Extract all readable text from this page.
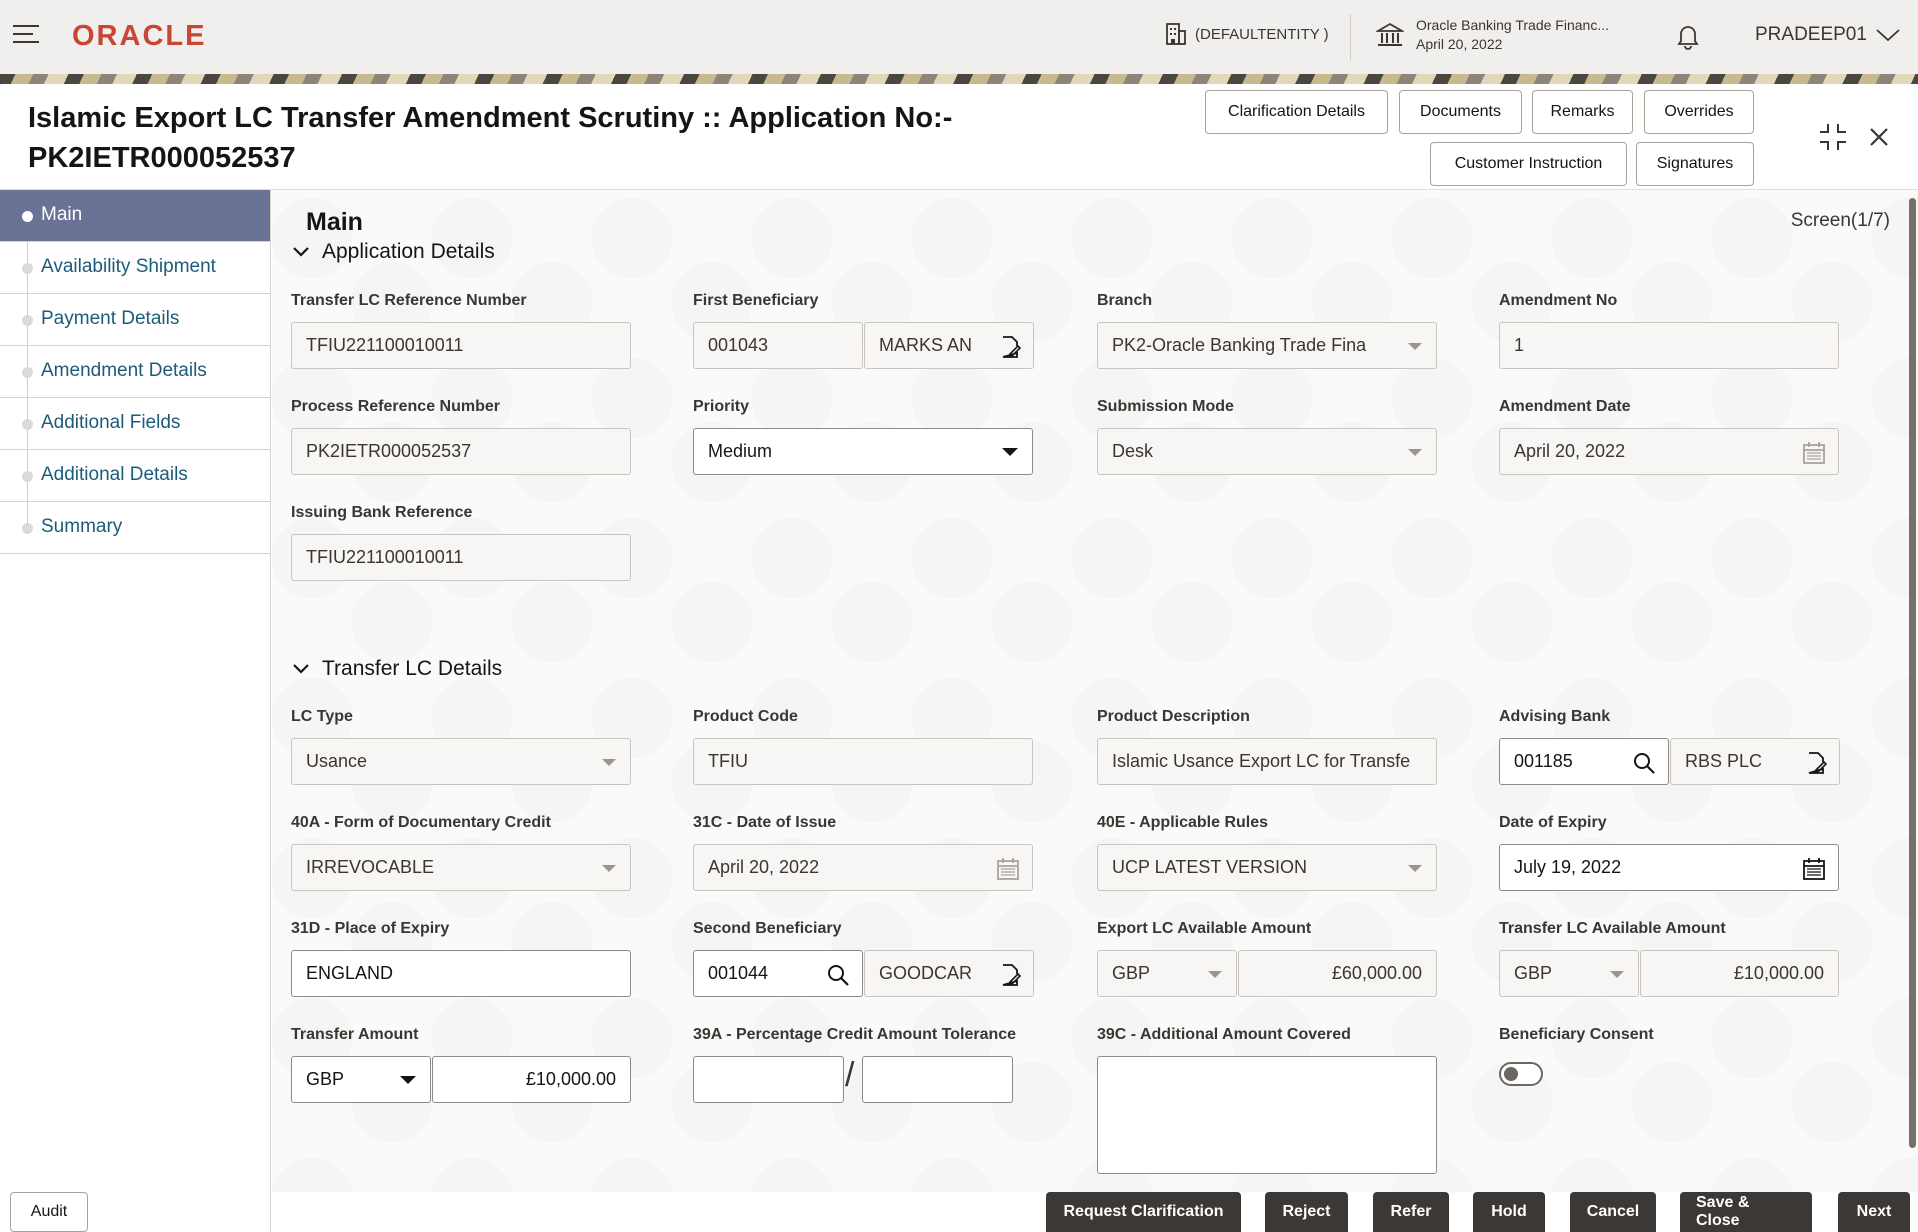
ORACLE	(DEFAULTENTITY )
Oracle Banking Trade Financ...
April 20, 2022	PRADEEP01
Islamic Export LC Transfer Amendment Scrutiny :: Application No:- PK2IETR000052537
Clarification Details	Documents	Remarks	Overrides
Customer Instruction	Signatures
Main
Availability Shipment
Payment Details
Amendment Details
Additional Fields
Additional Details
Summary
Main	Screen(1/7)
Application Details
Transfer LC Reference Number
TFIU221100010011
First Beneficiary
001043	MARKS AN
Branch
PK2-Oracle Banking Trade Fina
Amendment No
1
Process Reference Number
PK2IETR000052537
Priority
Medium
Submission Mode
Desk
Amendment Date
April 20, 2022
Issuing Bank Reference
TFIU221100010011
Transfer LC Details
LC Type
Usance
Product Code
TFIU
Product Description
Islamic Usance Export LC for Transfe
Advising Bank
001185	RBS PLC
40A - Form of Documentary Credit
IRREVOCABLE
31C - Date of Issue
April 20, 2022
40E - Applicable Rules
UCP LATEST VERSION
Date of Expiry
July 19, 2022
31D - Place of Expiry
ENGLAND
Second Beneficiary
001044	GOODCAR
Export LC Available Amount
GBP	£60,000.00
Transfer LC Available Amount
GBP	£10,000.00
Transfer Amount
GBP	£10,000.00
39A - Percentage Credit Amount Tolerance
/
39C - Additional Amount Covered	Beneficiary Consent
Audit	Request Clarification	Reject	Refer	Hold	Cancel
Save & Close
Next
